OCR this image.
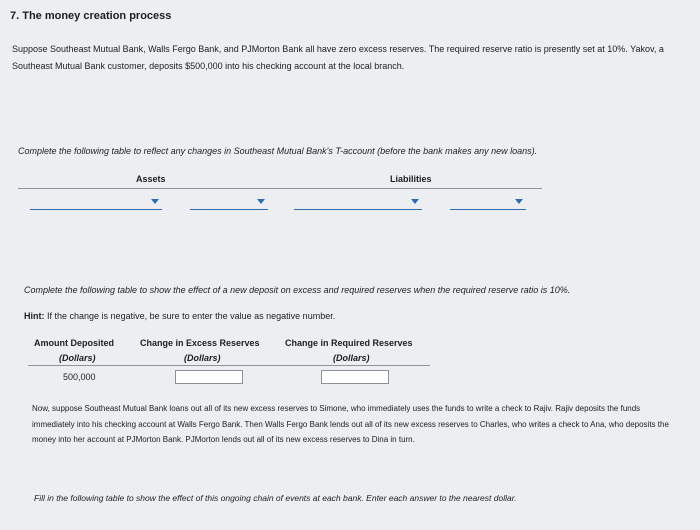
7. The money creation process
Suppose Southeast Mutual Bank, Walls Fergo Bank, and PJMorton Bank all have zero excess reserves. The required reserve ratio is presently set at 10%. Yakov, a Southeast Mutual Bank customer, deposits $500,000 into his checking account at the local branch.
Complete the following table to reflect any changes in Southeast Mutual Bank's T-account (before the bank makes any new loans).
Assets	Liabilities
Complete the following table to show the effect of a new deposit on excess and required reserves when the required reserve ratio is 10%.
Hint: If the change is negative, be sure to enter the value as negative number.
Amount Deposited
(Dollars)
Change in Excess Reserves
(Dollars)
Change in Required Reserves
(Dollars)
500,000
Now, suppose Southeast Mutual Bank loans out all of its new excess reserves to Simone, who immediately uses the funds to write a check to Rajiv. Rajiv deposits the funds immediately into his checking account at Walls Fergo Bank. Then Walls Fergo Bank lends out all of its new excess reserves to Charles, who writes a check to Ana, who deposits the money into her account at PJMorton Bank. PJMorton lends out all of its new excess reserves to Dina in turn.
Fill in the following table to show the effect of this ongoing chain of events at each bank. Enter each answer to the nearest dollar.
